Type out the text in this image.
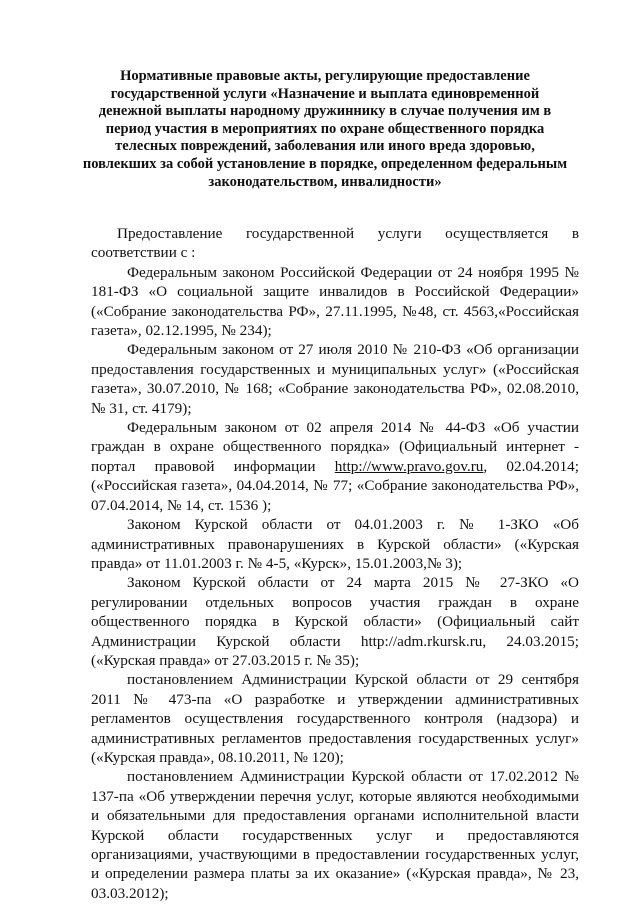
Нормативные правовые акты, регулирующие предоставление государственной услуги «Назначение и выплата единовременной денежной выплаты народному дружиннику в случае получения им в период участия в мероприятиях по охране общественного порядка телесных повреждений, заболевания или иного вреда здоровью, повлекших за собой установление в порядке, определенном федеральным законодательством, инвалидности»

Предоставление государственной услуги осуществляется в соответствии с :

Федеральным законом Российской Федерации от 24 ноября 1995 № 181-ФЗ «О социальной защите инвалидов в Российской Федерации» («Собрание законодательства РФ», 27.11.1995, №48, ст. 4563,«Российская газета», 02.12.1995, № 234);

Федеральным законом от 27 июля 2010 № 210-ФЗ «Об организации предоставления государственных и муниципальных услуг» («Российская газета», 30.07.2010, № 168; «Собрание законодательства РФ», 02.08.2010, № 31, ст. 4179);

Федеральным законом от 02 апреля 2014 № 44-ФЗ «Об участии граждан в охране общественного порядка» (Официальный интернет - портал правовой информации http://www.pravo.gov.ru, 02.04.2014; («Российская газета», 04.04.2014, № 77; «Собрание законодательства РФ», 07.04.2014, № 14, ст. 1536 );

Законом Курской области от 04.01.2003 г. № 1-ЗКО «Об административных правонарушениях в Курской области» («Курская правда» от 11.01.2003 г. № 4-5, «Курск», 15.01.2003,№ 3);

Законом Курской области от 24 марта 2015 № 27-ЗКО «О регулировании отдельных вопросов участия граждан в охране общественного порядка в Курской области» (Официальный сайт Администрации Курской области http://adm.rkursk.ru, 24.03.2015; («Курская правда» от 27.03.2015 г. № 35);

постановлением Администрации Курской области от 29 сентября 2011 № 473-па «О разработке и утверждении административных регламентов осуществления государственного контроля (надзора) и административных регламентов предоставления государственных услуг» («Курская правда», 08.10.2011, № 120);

постановлением Администрации Курской области от 17.02.2012 № 137-па «Об утверждении перечня услуг, которые являются необходимыми и обязательными для предоставления органами исполнительной власти Курской области государственных услуг и предоставляются организациями, участвующими в предоставлении государственных услуг, и определении размера платы за их оказание» («Курская правда», № 23, 03.03.2012);
